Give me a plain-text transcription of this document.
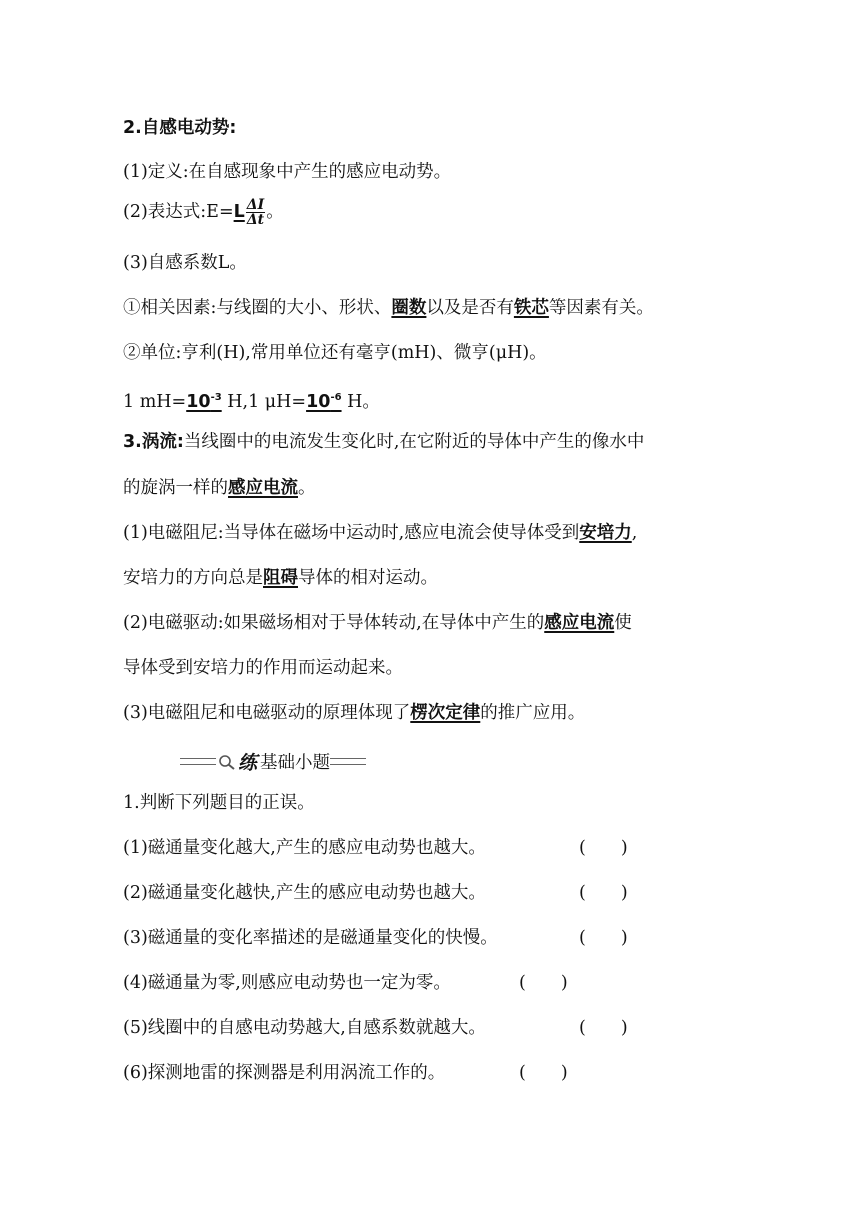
2.自感电动势:
(1)定义:在自感现象中产生的感应电动势。
(2)表达式:E=L $\frac{\Delta I}{\Delta t}$ 。
(3)自感系数L。
①相关因素:与线圈的大小、形状、圈数以及是否有铁芯等因素有关。
②单位:亨利(H),常用单位还有毫亨(mH)、微亨(μH)。
1 $mH=10^{-3}$ H,1 $\mu H=10^{-6}$ H。
3.涡流:当线圈中的电流发生变化时,在它附近的导体中产生的像水中
的旋涡一样的感应电流。
(1)电磁阻尼:当导体在磁场中运动时,感应电流会使导体受到安培力,
安培力的方向总是阻碍导体的相对运动。
(2)电磁驱动:如果磁场相对于导体转动,在导体中产生的感应电流使
导体受到安培力的作用而运动起来。
(3)电磁阻尼和电磁驱动的原理体现了楞次定律的推广应用。
练 基础小题
1.判断下列题目的正误。
(1)磁通量变化越大,产生的感应电动势也越大。	(　　)
(2)磁通量变化越快,产生的感应电动势也越大。	(　　)
(3)磁通量的变化率描述的是磁通量变化的快慢。	(　　)
(4)磁通量为零,则感应电动势也一定为零。	(　　)
(5)线圈中的自感电动势越大,自感系数就越大。	(　　)
(6)探测地雷的探测器是利用涡流工作的。	(　　)
